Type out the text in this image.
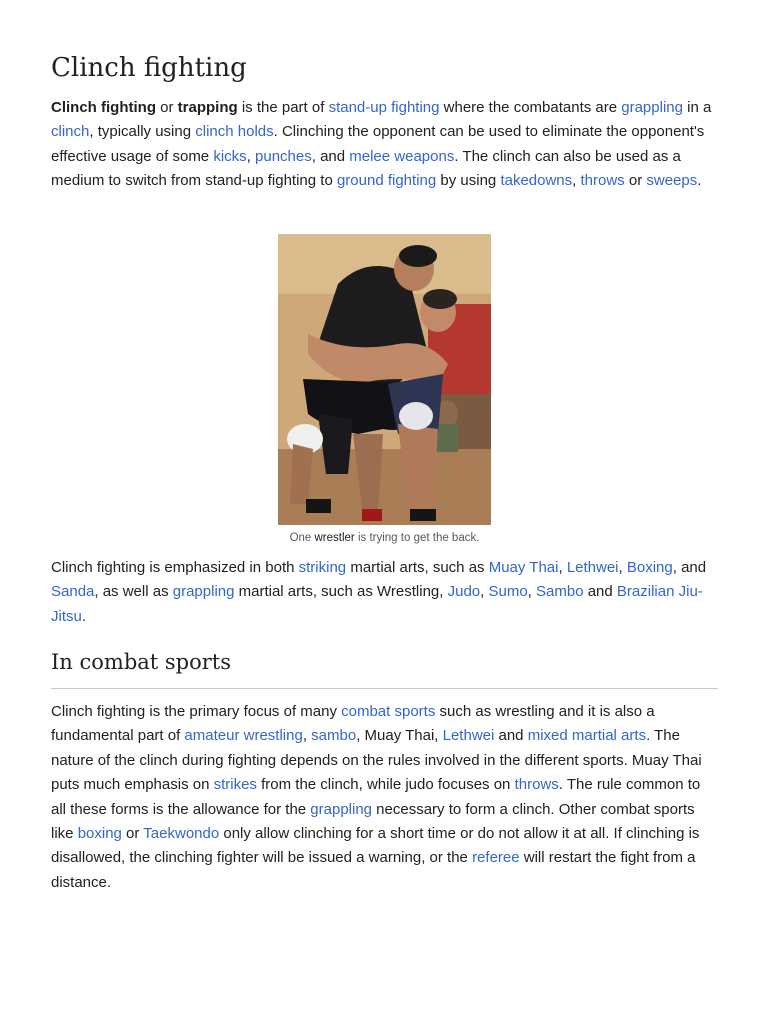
Clinch fighting

Clinch fighting or trapping is the part of stand-up fighting where the combatants are grappling in a clinch, typically using clinch holds. Clinching the opponent can be used to eliminate the opponent's effective usage of some kicks, punches, and melee weapons. The clinch can also be used as a medium to switch from stand-up fighting to ground fighting by using takedowns, throws or sweeps.

One wrestler is trying to get the back.

Clinch fighting is emphasized in both striking martial arts, such as Muay Thai, Lethwei, Boxing, and Sanda, as well as grappling martial arts, such as Wrestling, Judo, Sumo, Sambo and Brazilian Jiu-Jitsu.

In combat sports

Clinch fighting is the primary focus of many combat sports such as wrestling and it is also a fundamental part of amateur wrestling, sambo, Muay Thai, Lethwei and mixed martial arts. The nature of the clinch during fighting depends on the rules involved in the different sports. Muay Thai puts much emphasis on strikes from the clinch, while judo focuses on throws. The rule common to all these forms is the allowance for the grappling necessary to form a clinch. Other combat sports like boxing or Taekwondo only allow clinching for a short time or do not allow it at all. If clinching is disallowed, the clinching fighter will be issued a warning, or the referee will restart the fight from a distance.
